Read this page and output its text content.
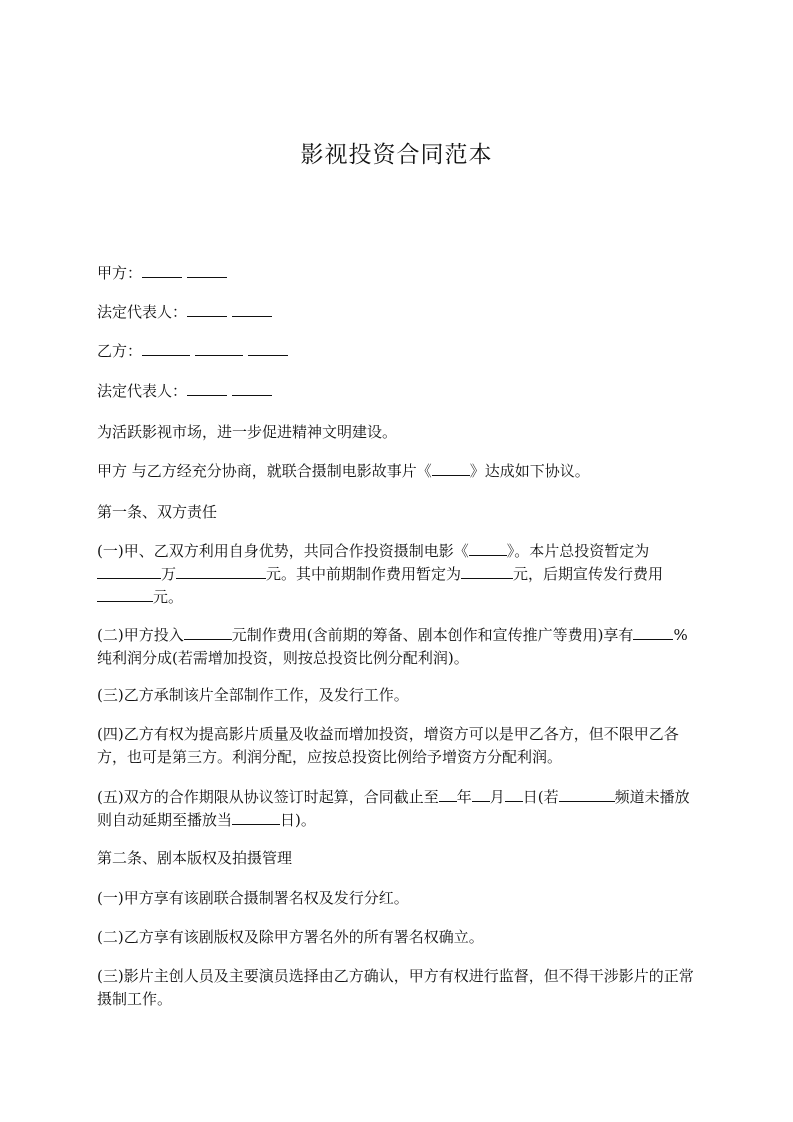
影视投资合同范本

甲方：

法定代表人：

乙方：

法定代表人：

为活跃影视市场，进一步促进精神文明建设。

甲方 与乙方经充分协商，就联合摄制电影故事片《	》达成如下协议。

第一条、双方责任

(一)甲、乙双方利用自身优势，共同合作投资摄制电影《	》。本片总投资暂定为万	元。其中前期制作费用暂定为	元，后期宣传发行费用元。

(二)甲方投入	元制作费用(含前期的筹备、剧本创作和宣传推广等费用)享有	%纯利润分成(若需增加投资，则按总投资比例分配利润)。

(三)乙方承制该片全部制作工作，及发行工作。

(四)乙方有权为提高影片质量及收益而增加投资，增资方可以是甲乙各方，但不限甲乙各方，也可是第三方。利润分配，应按总投资比例给予增资方分配利润。

(五)双方的合作期限从协议签订时起算，合同截止至 年 月 日(若	频道未播放则自动延期至播放当	日)。

第二条、剧本版权及拍摄管理

(一)甲方享有该剧联合摄制署名权及发行分红。

(二)乙方享有该剧版权及除甲方署名外的所有署名权确立。

(三)影片主创人员及主要演员选择由乙方确认，甲方有权进行监督，但不得干涉影片的正常摄制工作。
